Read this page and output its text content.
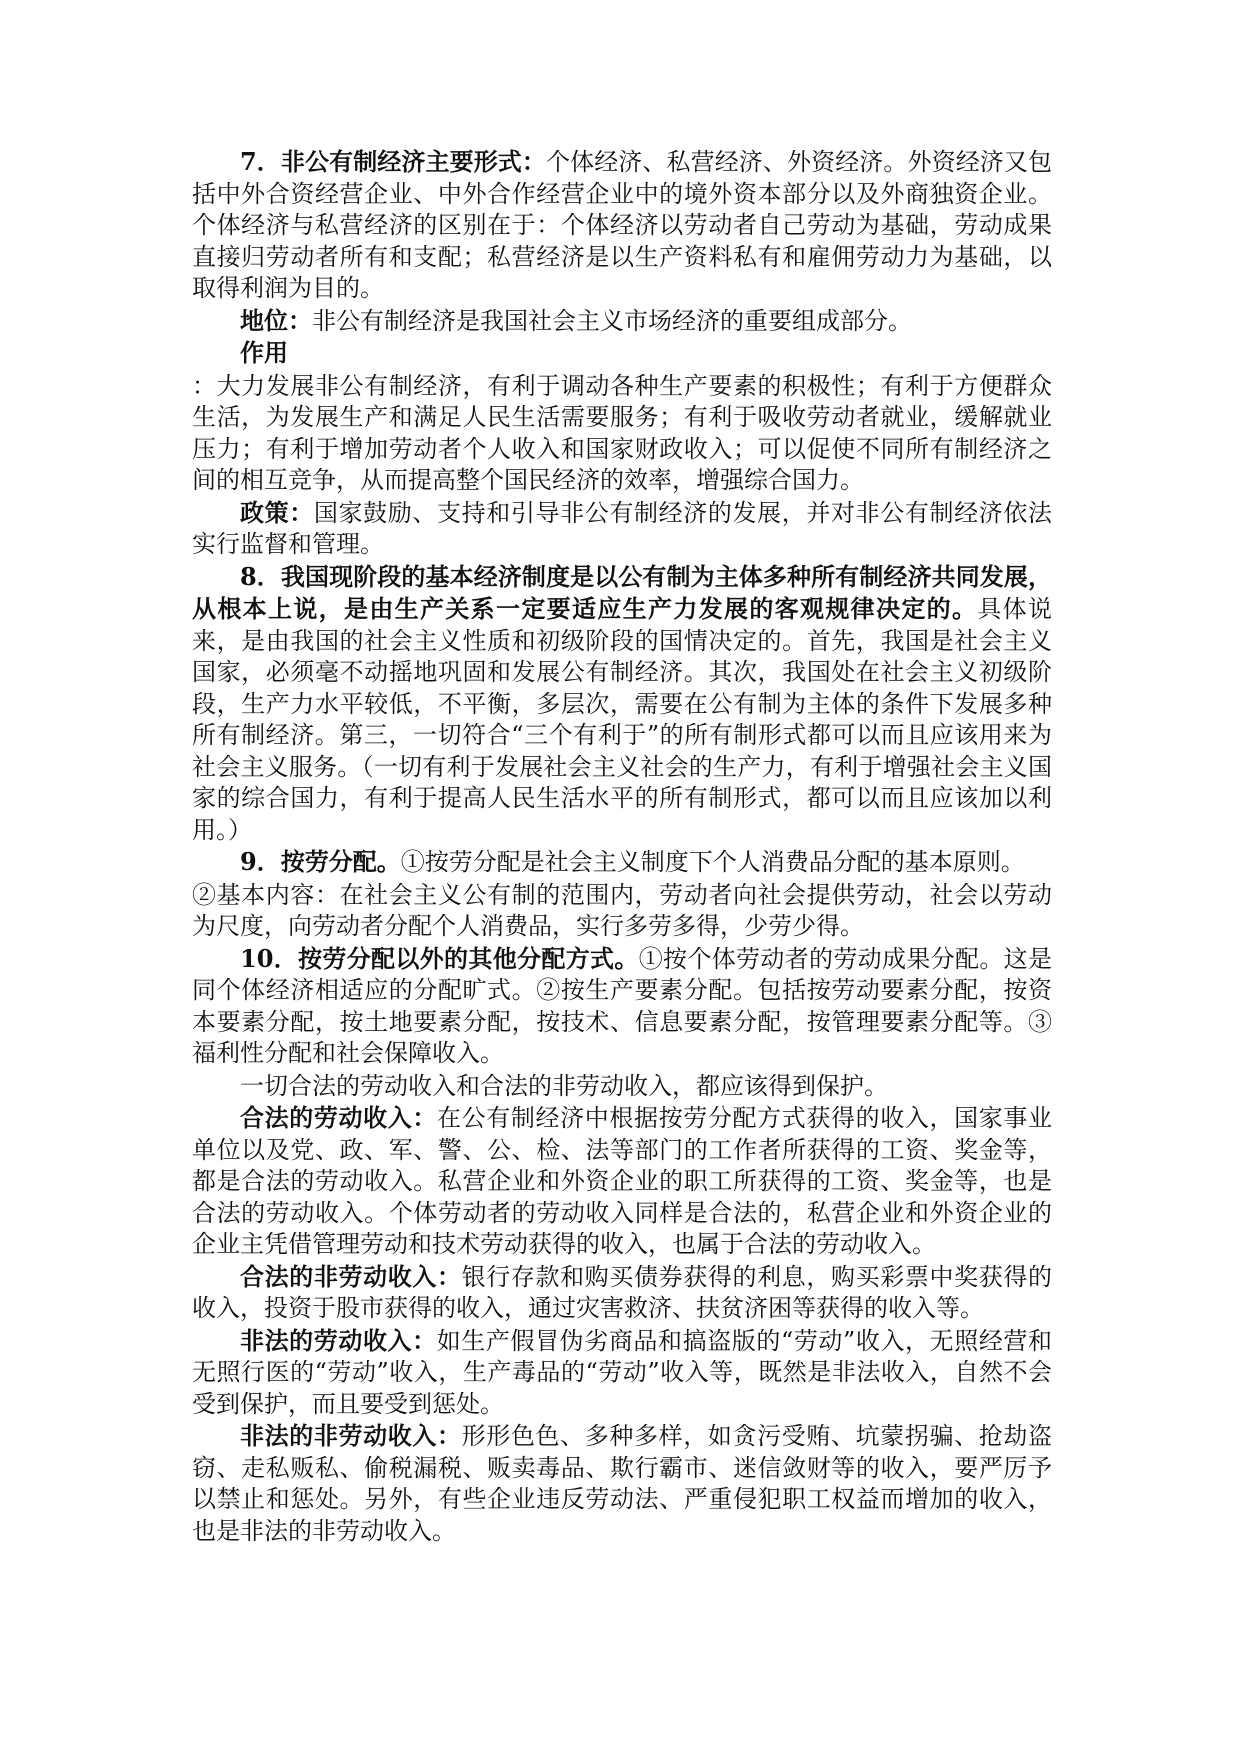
7．非公有制经济主要形式：个体经济、私营经济、外资经济。外资经济又包括中外合资经营企业、中外合作经营企业中的境外资本部分以及外商独资企业。个体经济与私营经济的区别在于：个体经济以劳动者自己劳动为基础，劳动成果直接归劳动者所有和支配；私营经济是以生产资料私有和雇佣劳动力为基础，以取得利润为目的。

地位：非公有制经济是我国社会主义市场经济的重要组成部分。

作用

：大力发展非公有制经济，有利于调动各种生产要素的积极性；有利于方便群众生活，为发展生产和满足人民生活需要服务；有利于吸收劳动者就业，缓解就业压力；有利于增加劳动者个人收入和国家财政收入；可以促使不同所有制经济之间的相互竞争，从而提高整个国民经济的效率，增强综合国力。

政策：国家鼓励、支持和引导非公有制经济的发展，并对非公有制经济依法实行监督和管理。

8．我国现阶段的基本经济制度是以公有制为主体多种所有制经济共同发展，从根本上说，是由生产关系一定要适应生产力发展的客观规律决定的。具体说来，是由我国的社会主义性质和初级阶段的国情决定的。首先，我国是社会主义国家，必须毫不动摇地巩固和发展公有制经济。其次，我国处在社会主义初级阶段，生产力水平较低，不平衡，多层次，需要在公有制为主体的条件下发展多种所有制经济。第三，一切符合“三个有利于”的所有制形式都可以而且应该用来为社会主义服务。（一切有利于发展社会主义社会的生产力，有利于增强社会主义国家的综合国力，有利于提高人民生活水平的所有制形式，都可以而且应该加以利用。）

9．按劳分配。①按劳分配是社会主义制度下个人消费品分配的基本原则。

②基本内容：在社会主义公有制的范围内，劳动者向社会提供劳动，社会以劳动为尺度，向劳动者分配个人消费品，实行多劳多得，少劳少得。

10．按劳分配以外的其他分配方式。①按个体劳动者的劳动成果分配。这是同个体经济相适应的分配旷式。②按生产要素分配。包括按劳动要素分配，按资本要素分配，按土地要素分配，按技术、信息要素分配，按管理要素分配等。③福利性分配和社会保障收入。

一切合法的劳动收入和合法的非劳动收入，都应该得到保护。

合法的劳动收入：在公有制经济中根据按劳分配方式获得的收入，国家事业单位以及党、政、军、警、公、检、法等部门的工作者所获得的工资、奖金等，都是合法的劳动收入。私营企业和外资企业的职工所获得的工资、奖金等，也是合法的劳动收入。个体劳动者的劳动收入同样是合法的，私营企业和外资企业的企业主凭借管理劳动和技术劳动获得的收入，也属于合法的劳动收入。

合法的非劳动收入：银行存款和购买债券获得的利息，购买彩票中奖获得的收入，投资于股市获得的收入，通过灾害救济、扶贫济困等获得的收入等。

非法的劳动收入：如生产假冒伪劣商品和搞盗版的“劳动”收入，无照经营和无照行医的“劳动”收入，生产毒品的“劳动”收入等，既然是非法收入，自然不会受到保护，而且要受到惩处。

非法的非劳动收入：形形色色、多种多样，如贪污受贿、坑蒙拐骗、抢劫盗窃、走私贩私、偷税漏税、贩卖毒品、欺行霸市、迷信敛财等的收入，要严厉予以禁止和惩处。另外，有些企业违反劳动法、严重侵犯职工权益而增加的收入，也是非法的非劳动收入。
